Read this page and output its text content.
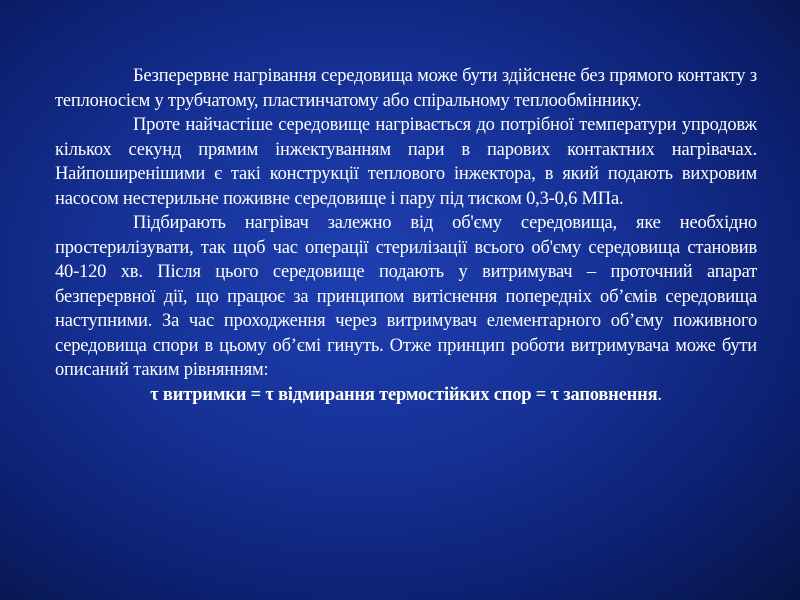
Безперервне нагрівання середовища може бути здійснене без прямого контакту з теплоносієм у трубчатому, пластинчатому або спіральному теплообміннику.

Проте найчастіше середовище нагрівається до потрібної температури упродовж кількох секунд прямим інжектуванням пари в парових контактних нагрівачах. Найпоширенішими є такі конструкції теплового інжектора, в який подають вихровим насосом нестерильне поживне середовище і пару під тиском 0,3-0,6 МПа.

Підбирають нагрівач залежно від об'єму середовища, яке необхідно простерилізувати, так щоб час операції стерилізації всього об'єму середовища становив 40-120 хв. Після цього середовище подають у витримувач – проточний апарат безперервної дії, що працює за принципом витіснення попередніх об’ємів середовища наступними. За час проходження через витримувач елементарного об’єму поживного середовища спори в цьому об’ємі гинуть. Отже принцип роботи витримувача може бути описаний таким рівнянням:

τ витримки = τ відмирання термостійких спор = τ заповнення.
